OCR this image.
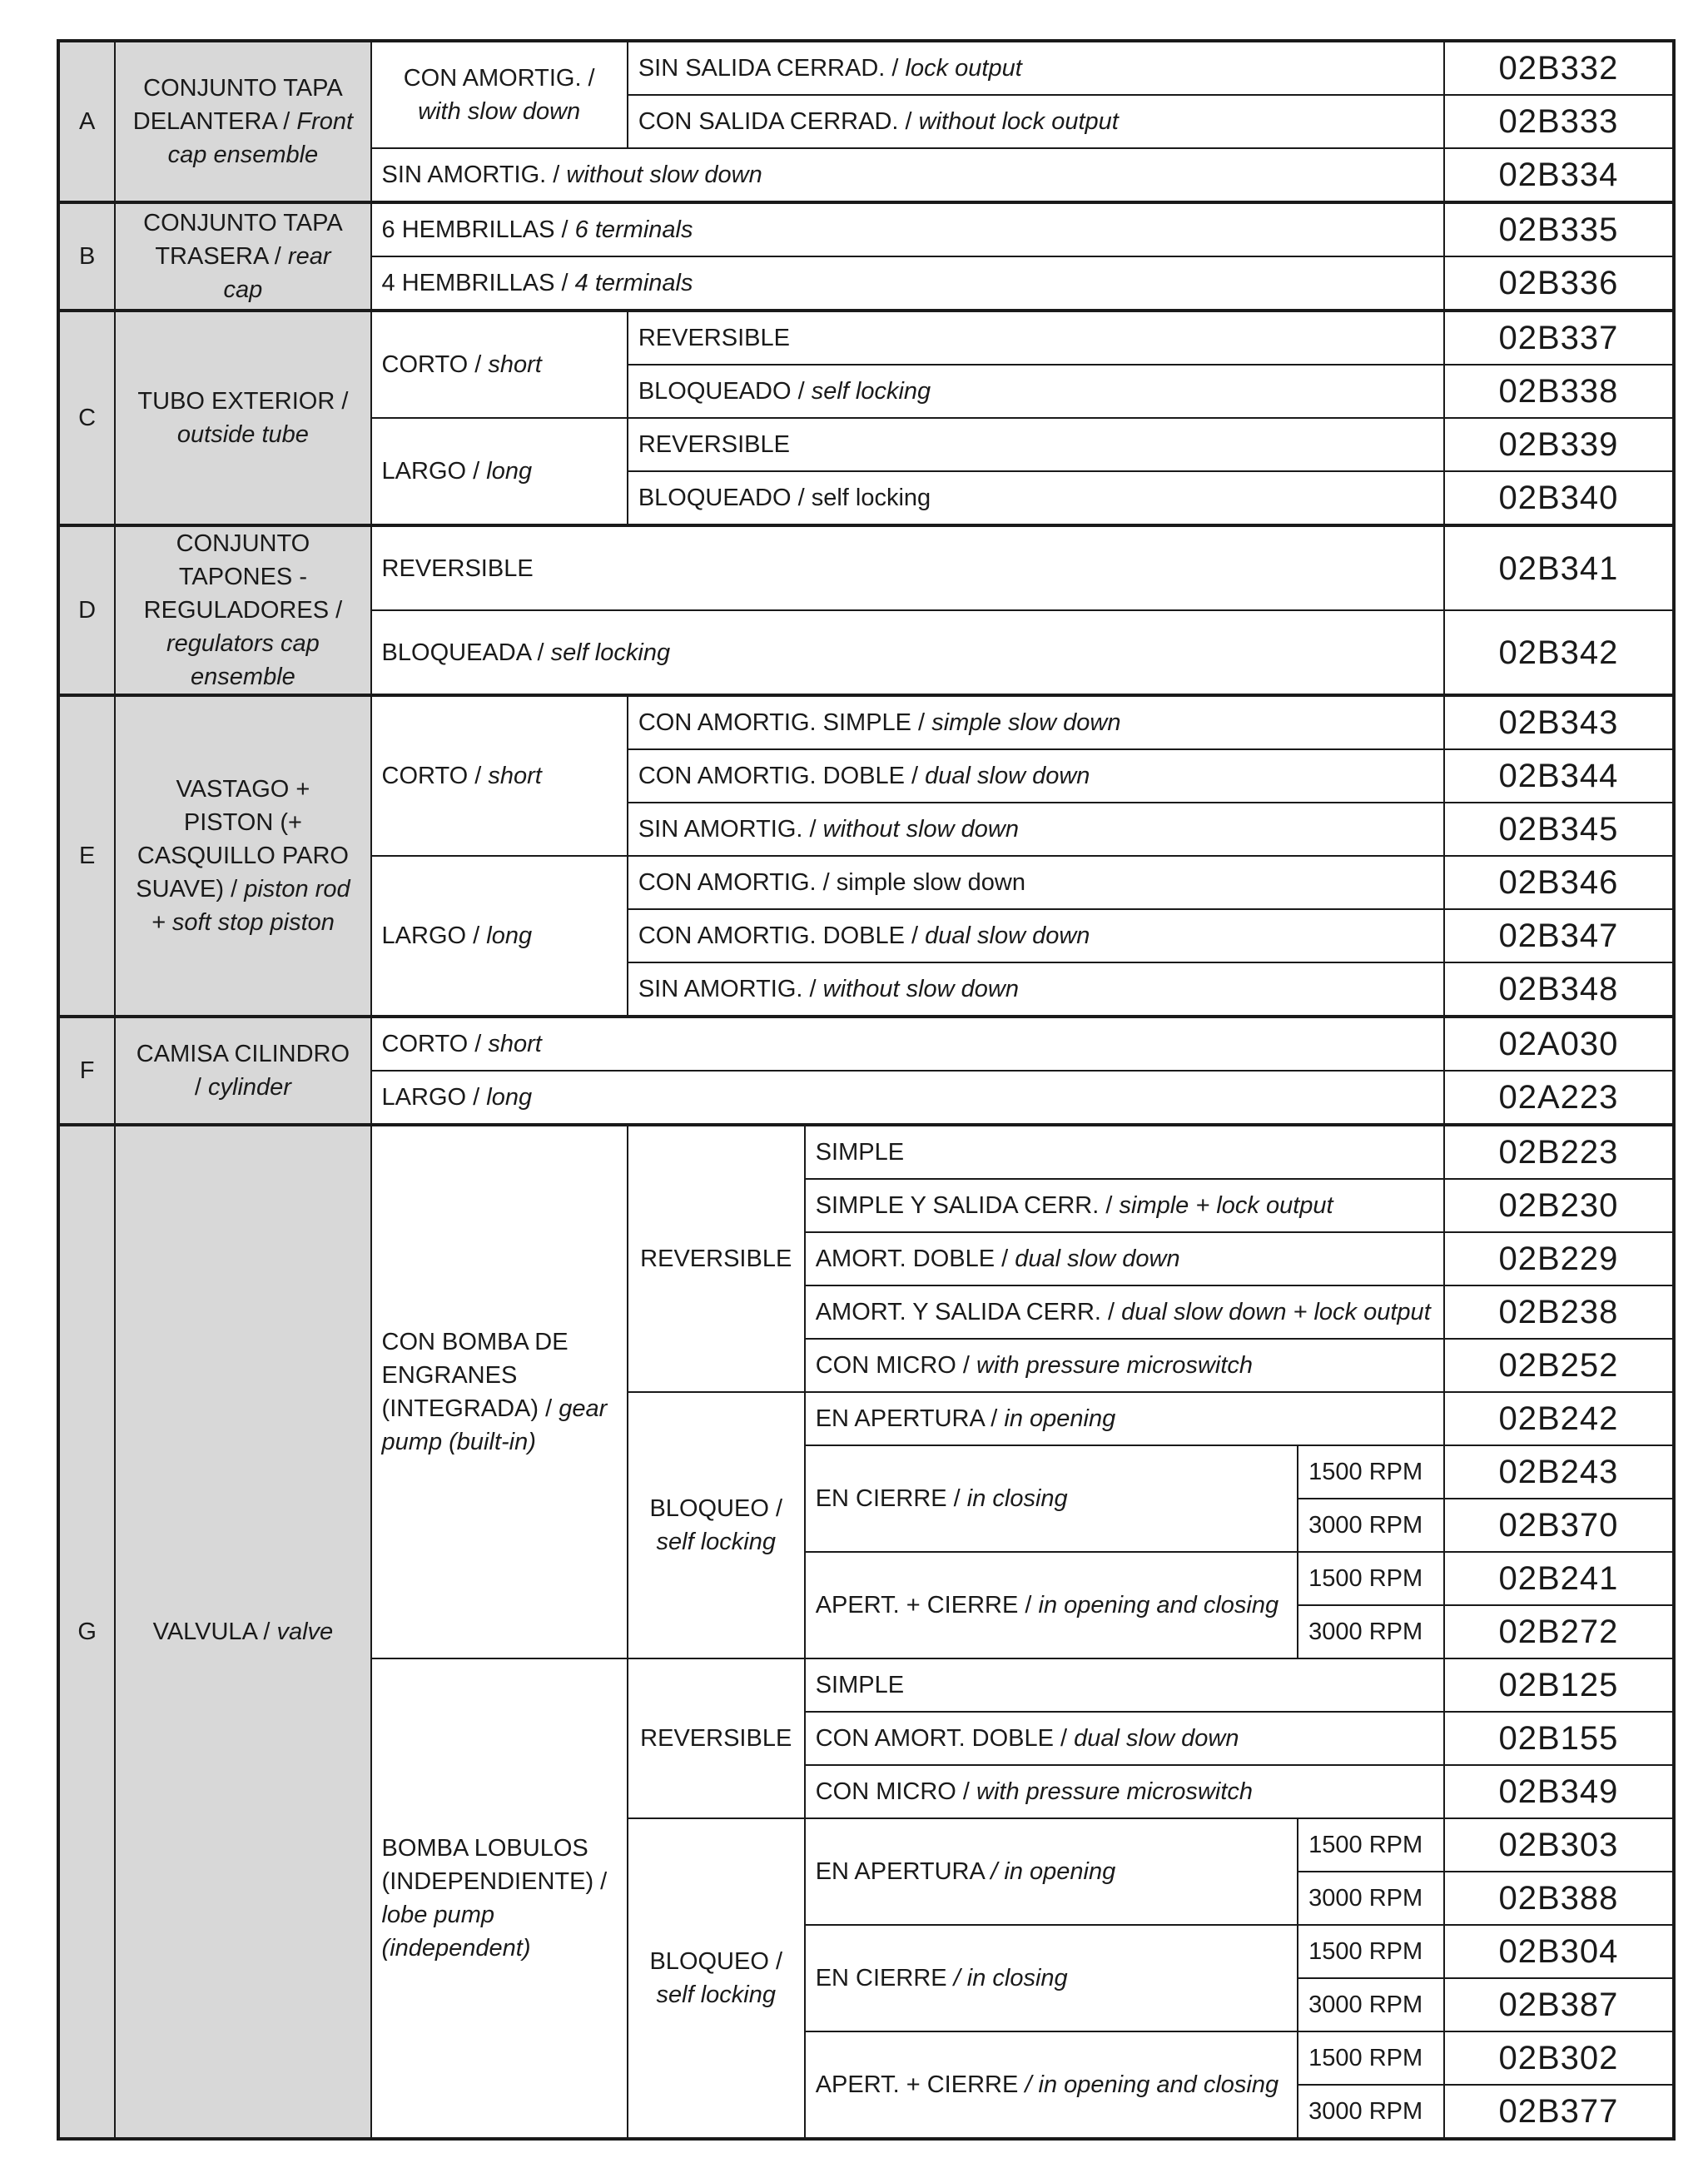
A	CONJUNTO TAPA DELANTERA / Front cap ensemble	CON AMORTIG. / with slow down	SIN SALIDA CERRAD. / lock output			02B332
			CON SALIDA CERRAD. / without lock output			02B333
		SIN AMORTIG. / without slow down				02B334
B	CONJUNTO TAPA TRASERA / rear cap	6 HEMBRILLAS / 6 terminals				02B335
		4 HEMBRILLAS / 4 terminals				02B336
C	TUBO EXTERIOR / outside tube	CORTO / short	REVERSIBLE			02B337
			BLOQUEADO / self locking			02B338
		LARGO / long	REVERSIBLE			02B339
			BLOQUEADO / self locking			02B340
D	CONJUNTO TAPONES - REGULADORES / regulators cap ensemble	REVERSIBLE				02B341
		BLOQUEADA / self locking				02B342
E	VASTAGO + PISTON (+ CASQUILLO PARO SUAVE) / piston rod + soft stop piston	CORTO / short	CON AMORTIG. SIMPLE / simple slow down			02B343
			CON AMORTIG. DOBLE / dual slow down			02B344
			SIN AMORTIG. / without slow down			02B345
		LARGO / long	CON AMORTIG. / simple slow down			02B346
			CON AMORTIG. DOBLE / dual slow down			02B347
			SIN AMORTIG. / without slow down			02B348
F	CAMISA CILINDRO / cylinder	CORTO / short				02A030
		LARGO / long				02A223
G	VALVULA / valve	CON BOMBA DE ENGRANES (INTEGRADA) / gear pump (built-in)	REVERSIBLE	SIMPLE		02B223
				SIMPLE Y SALIDA CERR. / simple + lock output		02B230
				AMORT. DOBLE / dual slow down		02B229
				AMORT. Y SALIDA CERR. / dual slow down + lock output		02B238
				CON MICRO / with pressure microswitch		02B252
			BLOQUEO / self locking	EN APERTURA / in opening		02B242
				EN CIERRE / in closing	1500 RPM	02B243
					3000 RPM	02B370
				APERT. + CIERRE / in opening and closing	1500 RPM	02B241
					3000 RPM	02B272
		BOMBA LOBULOS (INDEPENDIENTE) / lobe pump (independent)	REVERSIBLE	SIMPLE		02B125
				CON AMORT. DOBLE / dual slow down		02B155
				CON MICRO / with pressure microswitch		02B349
			BLOQUEO / self locking	EN APERTURA / in opening	1500 RPM	02B303
					3000 RPM	02B388
				EN CIERRE / in closing	1500 RPM	02B304
					3000 RPM	02B387
				APERT. + CIERRE / in opening and closing	1500 RPM	02B302
					3000 RPM	02B377
